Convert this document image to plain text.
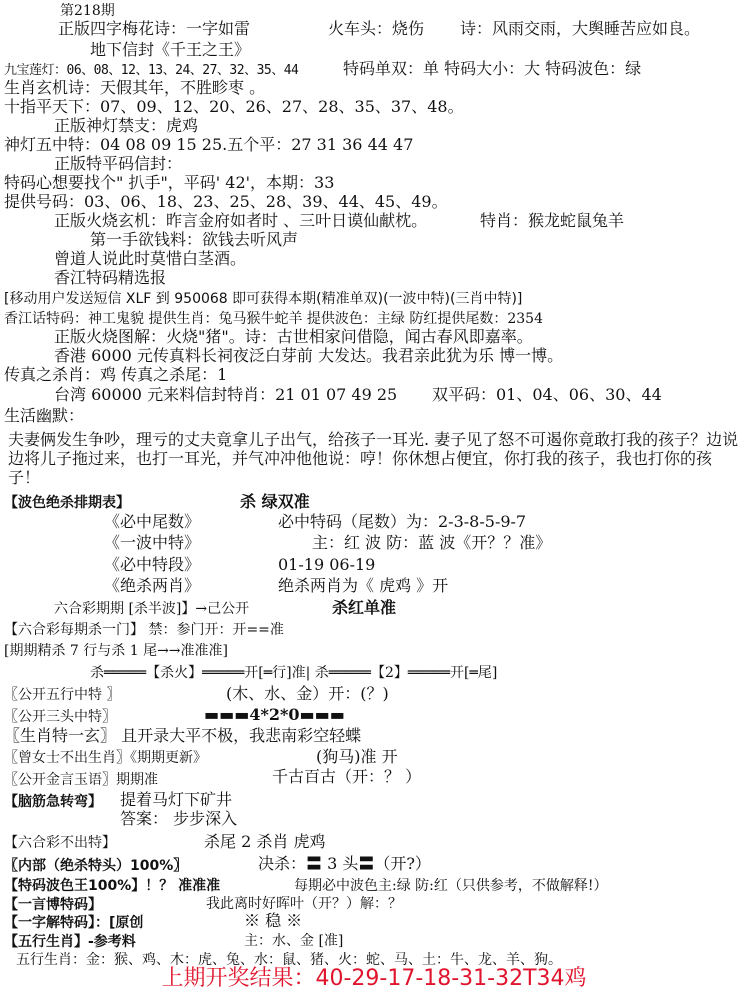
第218期
正版四字梅花诗：一字如雷	火车头：烧伤 诗：风雨交雨，大舆睡苦应如良。
地下信封《千王之王》
九宝莲灯：06、08、12、13、24、27、32、35、44	特码单双：单 特码大小：大 特码波色：绿
生肖玄机诗：天假其年，不胜畛枣 。
十指平天下：07、09、12、20、26、27、28、35、37、48。
正版神灯禁支：虎鸡
神灯五中特：04 08 09 15 25.五个平：27 31 36 44 47
正版特平码信封：
特码心想要找个" 扒手"，平码' 42'，本期：33
提供号码：03、06、18、23、25、28、39、44、45、49。
正版火烧玄机：昨言金府如者时 、三叶日谟仙献枕。	特肖：猴龙蛇鼠兔羊
第一手欲钱料：欲钱去听风声
曾道人说此时莫惜白茎酒。
香江特码精选报
[移动用户发送短信 XLF 到 950068 即可获得本期(精准单双)(一波中特)(三肖中特)]
香江话特码：神工鬼貌 提供生肖：兔马猴牛蛇羊 提供波色：主绿 防红提供尾数：2354
正版火烧图解：火烧"猪"。诗：古世相家问借隐，闻古春风即嘉率。
香港 6000 元传真料长祠夜泛白芽前 大发达。我君亲此犹为乐 博一博。
传真之杀肖：鸡 传真之杀尾：1
台湾 60000 元来料信封特肖：21 01 07 49 25 双平码：01、04、06、30、44
生活幽默：
夫妻俩发生争吵，理亏的丈夫竟拿儿子出气，给孩子一耳光. 妻子见了怒不可遏你竟敢打我的孩子？边说边将儿子拖过来，也打一耳光，并气冲冲他他说：哼！你休想占便宜，你打我的孩子，我也打你的孩子！
【波色绝杀排期表】	杀 绿双准
《必中尾数》	必中特码（尾数）为：2-3-8-5-9-7
《一波中特》	主：红 波 防：蓝 波《开？？准》
《必中特段》	01-19 06-19
《绝杀两肖》	绝杀两肖为《 虎鸡 》开
六合彩期期 [杀半波]】→己公开	杀红单准
【六合彩每期杀一门】 禁：参门开：开==准
[期期精杀 7 行与杀 1 尾→→准准准]
杀═════【杀火】═════开[═行]准| 杀═════【2】═════开[═尾]
〖公开五行中特 〗	(木、水、金）开：(？)
〖公开三头中特〗	▬▬▬4*2*0▬▬▬
〖生肖特一玄〗 且开录大平不极，我悲南彩空轻蝶
〖曾女士不出生肖〗《期期更新》	(狗马)准 开
〖公开金言玉语〗期期准	千古百古（开：？ ）
【脑筋急转弯】 提着马灯下矿井
答案： 步步深入
【六合彩不出特】	杀尾 2 杀肖 虎鸡
〖内部（绝杀特头）100%〗	决杀：〓 3 头〓（开?）
【特码波色王100%】！？ 准准准	每期必中波色主:绿 防:红（只供参考，不做解释!）
【一言博特码】	我此离时好晖叶（开？）解：？
【一字解特码】：[原创	※ 稳 ※
【五行生肖】-参考料	主：水、金 [准]
五行生肖：金：猴、鸡、木：虎、兔、水：鼠、猪、火：蛇、马、土：牛、龙、羊、狗。
上期开奖结果：40-29-17-18-31-32T34鸡
